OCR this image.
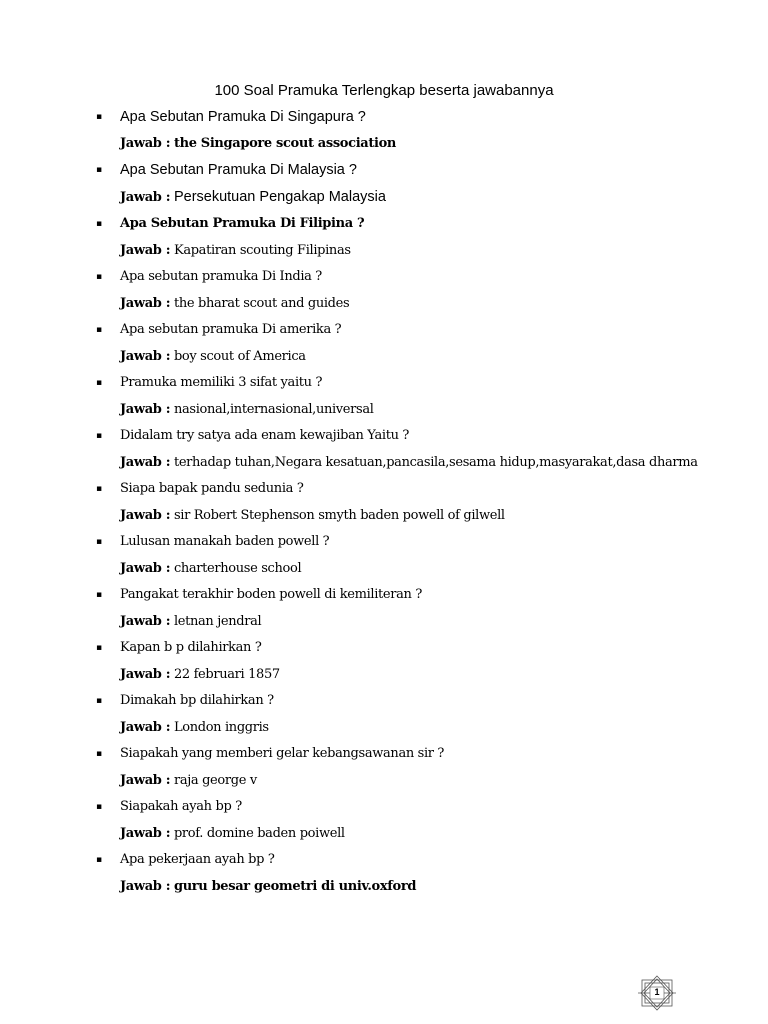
100 Soal Pramuka Terlengkap beserta jawabannya
▪	Apa Sebutan Pramuka Di Singapura ?
Jawab : the Singapore scout association
▪	Apa Sebutan Pramuka Di Malaysia ?
Jawab : Persekutuan Pengakap Malaysia
▪	Apa Sebutan Pramuka Di Filipina ?
Jawab : Kapatiran scouting Filipinas
▪	Apa sebutan pramuka Di India ?
Jawab : the bharat scout and guides
▪	Apa sebutan pramuka Di amerika ?
Jawab : boy scout of America
▪	Pramuka memiliki 3 sifat yaitu ?
Jawab : nasional,internasional,universal
▪	Didalam try satya ada enam kewajiban Yaitu ?
Jawab : terhadap tuhan,Negara kesatuan,pancasila,sesama hidup,masyarakat,dasa dharma
▪	Siapa bapak pandu sedunia ?
Jawab : sir Robert Stephenson smyth baden powell of gilwell
▪	Lulusan manakah baden powell ?
Jawab : charterhouse school
▪	Pangakat terakhir boden powell di kemiliteran ?
Jawab : letnan jendral
▪	Kapan b p dilahirkan ?
Jawab : 22 februari 1857
▪	Dimakah bp dilahirkan ?
Jawab : London inggris
▪	Siapakah yang memberi gelar kebangsawanan sir ?
Jawab : raja george v
▪	Siapakah ayah bp ?
Jawab : prof. domine baden poiwell
▪	Apa pekerjaan ayah bp ?
Jawab : guru besar geometri di univ.oxford
1
